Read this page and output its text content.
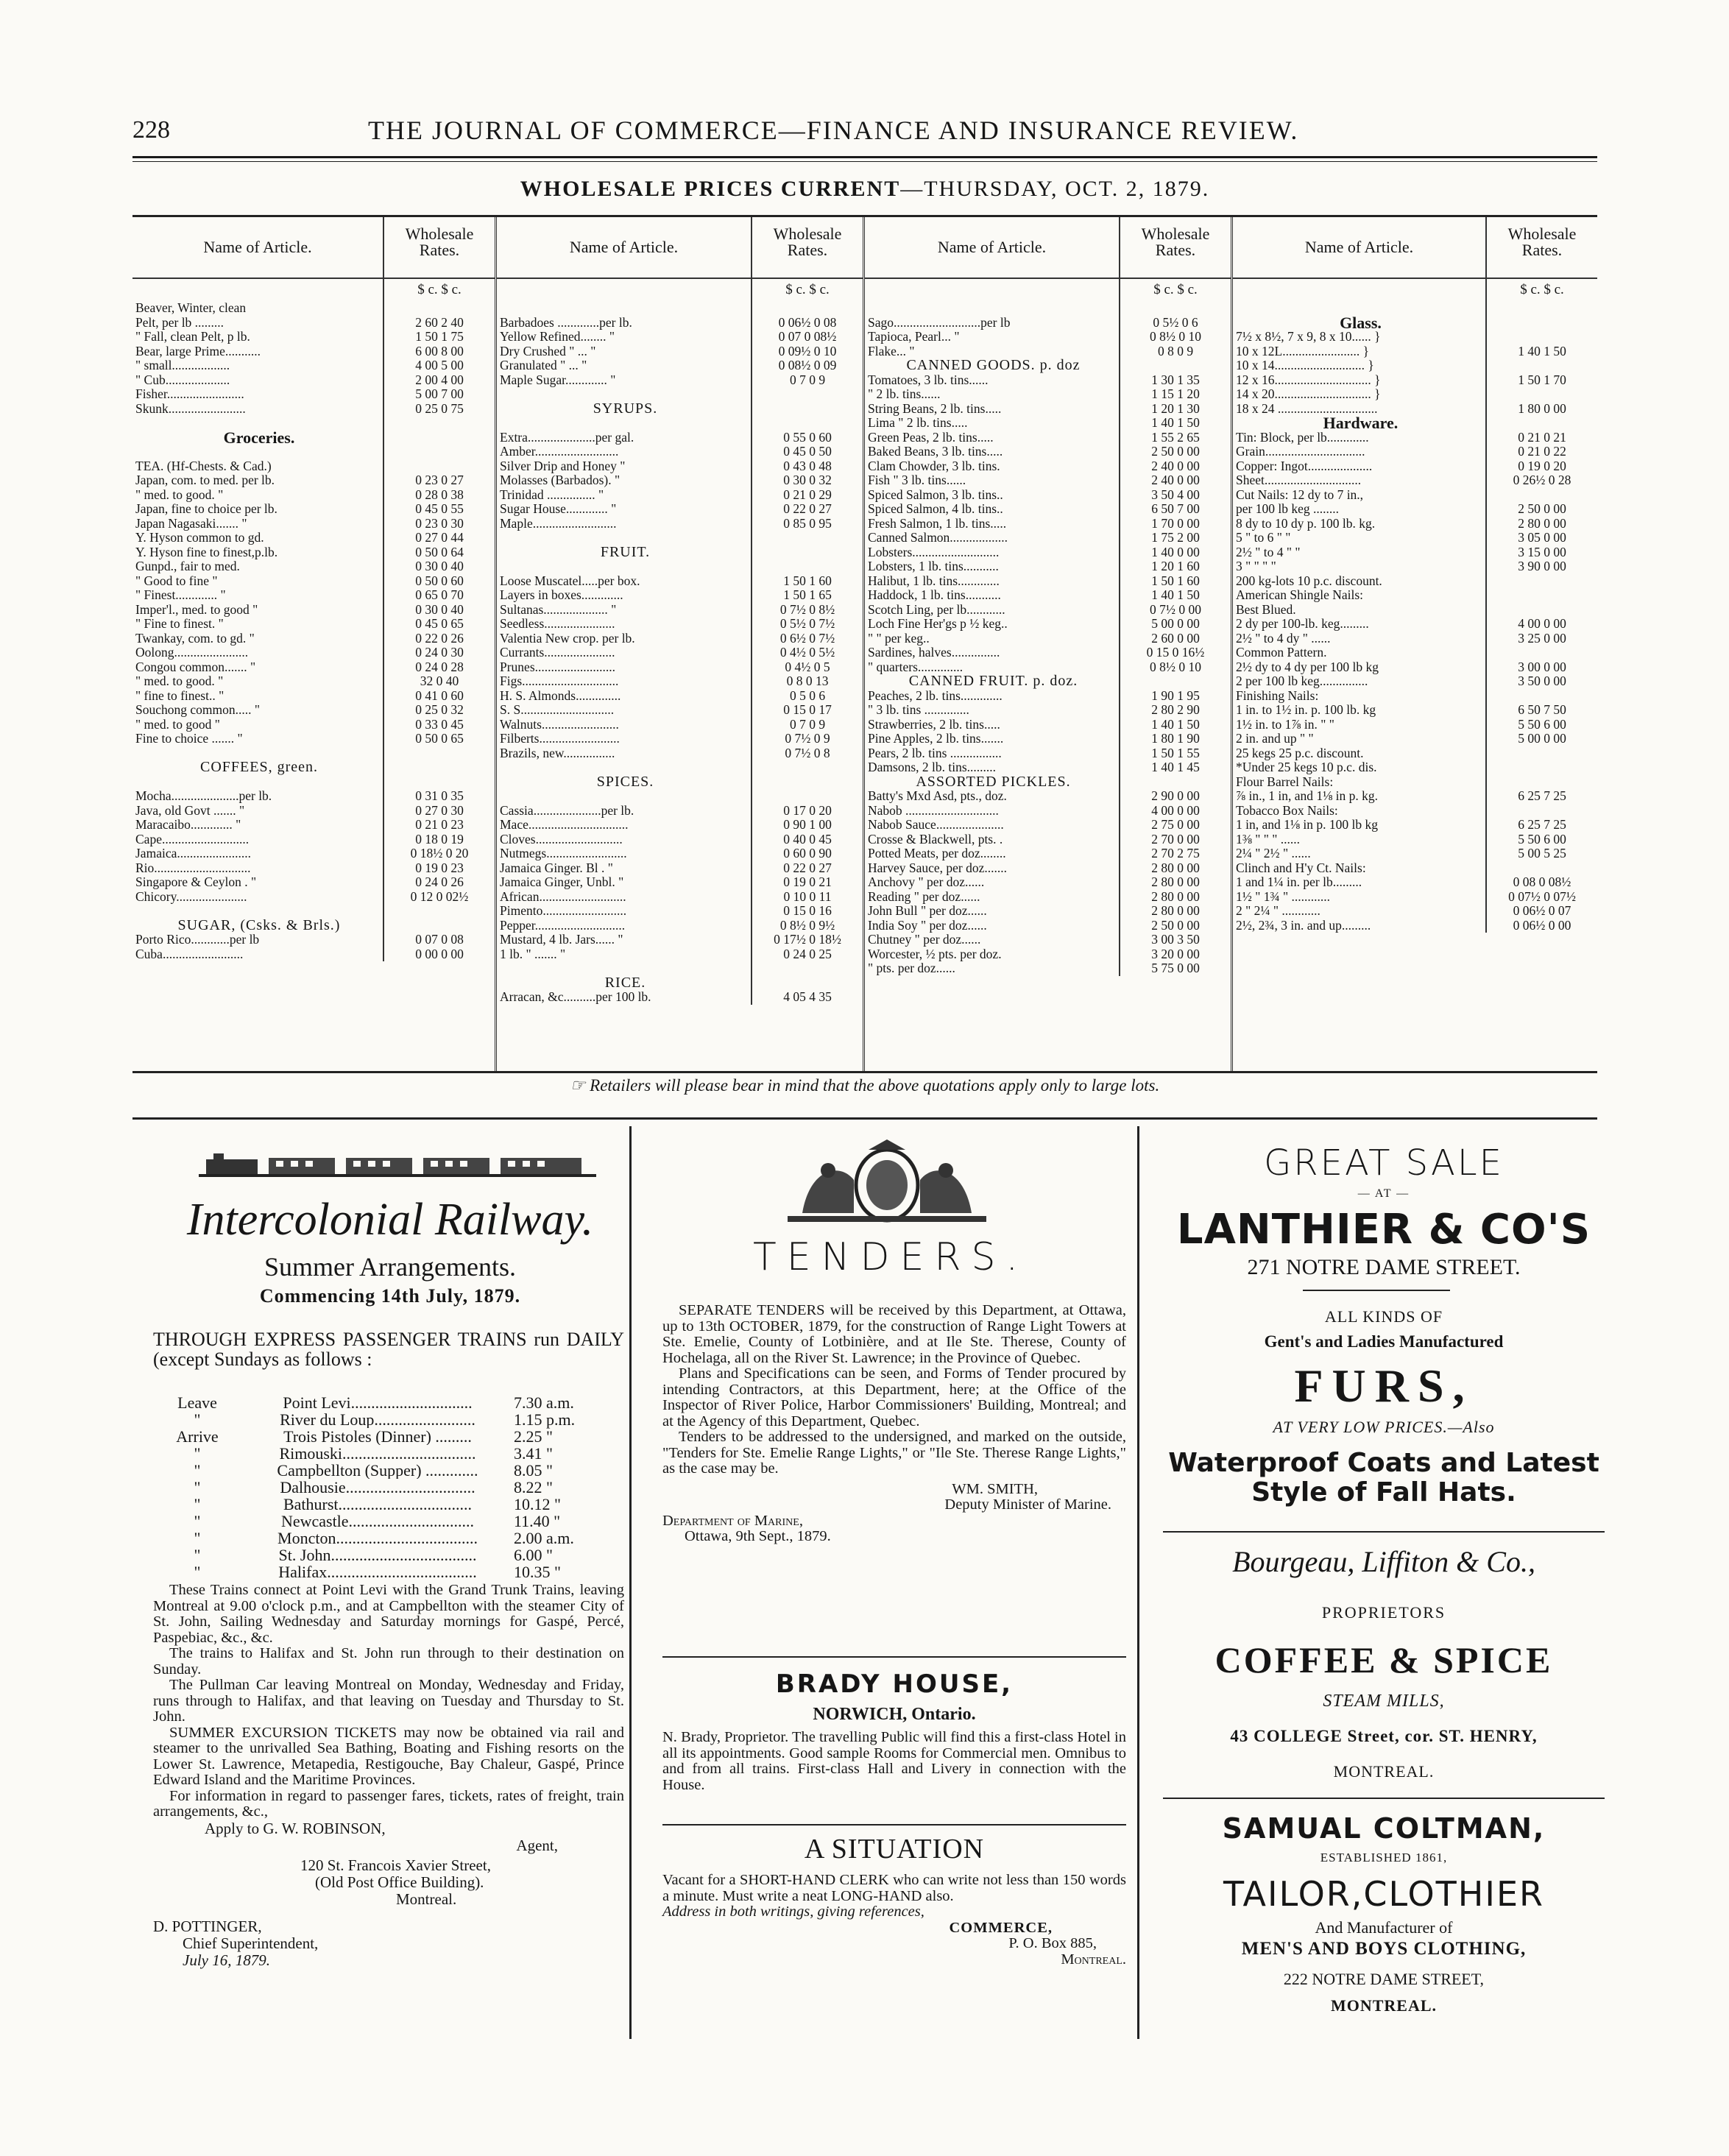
228	THE JOURNAL OF COMMERCE—FINANCE AND INSURANCE REVIEW.
WHOLESALE PRICES CURRENT—THURSDAY, OCT. 2, 1879.
Name of Article.
Wholesale Rates.
$ c. $ c.
Beaver, Winter, clean
Pelt, per lb .........	2 60 2 40
" Fall, clean Pelt, p lb.	1 50 1 75
Bear, large Prime...........	6 00 8 00
" small..................	4 00 5 00
" Cub....................	2 00 4 00
Fisher........................	5 00 7 00
Skunk........................	0 25 0 75
Groceries.
TEA. (Hf-Chests. & Cad.)
Japan, com. to med. per lb.	0 23 0 27
" med. to good. "	0 28 0 38
Japan, fine to choice per lb.	0 45 0 55
Japan Nagasaki....... "	0 23 0 30
Y. Hyson common to gd.	0 27 0 44
Y. Hyson fine to finest,p.lb.	0 50 0 64
Gunpd., fair to med.	0 30 0 40
" Good to fine "	0 50 0 60
" Finest............. "	0 65 0 70
Imper'l., med. to good "	0 30 0 40
" Fine to finest. "	0 45 0 65
Twankay, com. to gd. "	0 22 0 26
Oolong.......................	0 24 0 30
Congou common....... "	0 24 0 28
" med. to good. "	32 0 40
" fine to finest.. "	0 41 0 60
Souchong common..... "	0 25 0 32
" med. to good "	0 33 0 45
Fine to choice ....... "	0 50 0 65
COFFEES, green.
Mocha.....................per lb.	0 31 0 35
Java, old Govt ....... "	0 27 0 30
Maracaibo............. "	0 21 0 23
Cape...........................	0 18 0 19
Jamaica.......................	0 18½ 0 20
Rio..............................	0 19 0 23
Singapore & Ceylon . "	0 24 0 26
Chicory......................	0 12 0 02½
SUGAR, (Csks. & Brls.)
Porto Rico............per lb	0 07 0 08
Cuba.........................	0 00 0 00
Name of Article.
Wholesale Rates.
$ c. $ c.
Barbadoes .............per lb.	0 06½ 0 08
Yellow Refined........ "	0 07 0 08½
Dry Crushed " ... "	0 09½ 0 10
Granulated " ... "	0 08½ 0 09
Maple Sugar............. "	0 7 0 9
SYRUPS.
Extra.....................per gal.	0 55 0 60
Amber..........................	0 45 0 50
Silver Drip and Honey "	0 43 0 48
Molasses (Barbados). "	0 30 0 32
Trinidad ............... "	0 21 0 29
Sugar House............. "	0 22 0 27
Maple..........................	0 85 0 95
FRUIT.
Loose Muscatel.....per box.	1 50 1 60
Layers in boxes.............	1 50 1 65
Sultanas.................... "	0 7½ 0 8½
Seedless......................	0 5½ 0 7½
Valentia New crop. per lb.	0 6½ 0 7½
Currants......................	0 4½ 0 5½
Prunes.........................	0 4½ 0 5
Figs..............................	0 8 0 13
H. S. Almonds..............	0 5 0 6
S. S.............................	0 15 0 17
Walnuts........................	0 7 0 9
Filberts.........................	0 7½ 0 9
Brazils, new................	0 7½ 0 8
SPICES.
Cassia.....................per lb.	0 17 0 20
Mace...............................	0 90 1 00
Cloves...........................	0 40 0 45
Nutmegs.........................	0 60 0 90
Jamaica Ginger. Bl . "	0 22 0 27
Jamaica Ginger, Unbl. "	0 19 0 21
African...........................	0 10 0 11
Pimento..........................	0 15 0 16
Pepper............................	0 8½ 0 9½
Mustard, 4 lb. Jars...... "	0 17½ 0 18½
1 lb. " ....... "	0 24 0 25
RICE.
Arracan, &c..........per 100 lb.	4 05 4 35
Name of Article.
Wholesale Rates.
$ c. $ c.
Sago...........................per lb	0 5½ 0 6
Tapioca, Pearl... "	0 8½ 0 10
Flake... "	0 8 0 9
CANNED GOODS. p. doz
Tomatoes, 3 lb. tins......	1 30 1 35
" 2 lb. tins......	1 15 1 20
String Beans, 2 lb. tins.....	1 20 1 30
Lima " 2 lb. tins.....	1 40 1 50
Green Peas, 2 lb. tins.....	1 55 2 65
Baked Beans, 3 lb. tins.....	2 50 0 00
Clam Chowder, 3 lb. tins.	2 40 0 00
Fish " 3 lb. tins......	2 40 0 00
Spiced Salmon, 3 lb. tins..	3 50 4 00
Spiced Salmon, 4 lb. tins..	6 50 7 00
Fresh Salmon, 1 lb. tins.....	1 70 0 00
Canned Salmon..................	1 75 2 00
Lobsters...........................	1 40 0 00
Lobsters, 1 lb. tins...........	1 20 1 60
Halibut, 1 lb. tins.............	1 50 1 60
Haddock, 1 lb. tins...........	1 40 1 50
Scotch Ling, per lb............	0 7½ 0 00
Loch Fine Her'gs p ½ keg..	5 00 0 00
" " per keg..	2 60 0 00
Sardines, halves...............	0 15 0 16½
" quarters..............	0 8½ 0 10
CANNED FRUIT. p. doz.
Peaches, 2 lb. tins.............	1 90 1 95
" 3 lb. tins ..............	2 80 2 90
Strawberries, 2 lb. tins.....	1 40 1 50
Pine Apples, 2 lb. tins.......	1 80 1 90
Pears, 2 lb. tins ................	1 50 1 55
Damsons, 2 lb. tins.........	1 40 1 45
ASSORTED PICKLES.
Batty's Mxd Asd, pts., doz.	2 90 0 00
Nabob .............................	4 00 0 00
Nabob Sauce.....................	2 75 0 00
Crosse & Blackwell, pts. .	2 70 0 00
Potted Meats, per doz........	2 70 2 75
Harvey Sauce, per doz.......	2 80 0 00
Anchovy " per doz......	2 80 0 00
Reading " per doz......	2 80 0 00
John Bull " per doz......	2 80 0 00
India Soy " per doz......	2 50 0 00
Chutney " per doz......	3 00 3 50
Worcester, ½ pts. per doz.	3 20 0 00
" pts. per doz......	5 75 0 00
Name of Article.
Wholesale Rates.
$ c. $ c.
Glass.
7½ x 8½, 7 x 9, 8 x 10...... }
10 x 12L........................ }	1 40 1 50
10 x 14............................ }
12 x 16.............................. }	1 50 1 70
14 x 20.............................. }
18 x 24 ...............................	1 80 0 00
Hardware.
Tin: Block, per lb.............	0 21 0 21
Grain...............................	0 21 0 22
Copper: Ingot....................	0 19 0 20
Sheet..............................	0 26½ 0 28
Cut Nails: 12 dy to 7 in.,
per 100 lb keg ........	2 50 0 00
8 dy to 10 dy p. 100 lb. kg.	2 80 0 00
5 " to 6 " "	3 05 0 00
2½ " to 4 " "	3 15 0 00
3 " " " "	3 90 0 00
200 kg-lots 10 p.c. discount.
American Shingle Nails:
Best Blued.
2 dy per 100-lb. keg.........	4 00 0 00
2½ " to 4 dy " ......	3 25 0 00
Common Pattern.
2½ dy to 4 dy per 100 lb kg	3 00 0 00
2 per 100 lb keg...............	3 50 0 00
Finishing Nails:
1 in. to 1½ in. p. 100 lb. kg	6 50 7 50
1½ in. to 1⅞ in. " "	5 50 6 00
2 in. and up " "	5 00 0 00
25 kegs 25 p.c. discount.
*Under 25 kegs 10 p.c. dis.
Flour Barrel Nails:
⅞ in., 1 in, and 1⅛ in p. kg.	6 25 7 25
Tobacco Box Nails:
1 in, and 1⅛ in p. 100 lb kg	6 25 7 25
1⅜ " " " ......	5 50 6 00
2¼ " 2½ " ......	5 00 5 25
Clinch and H'y Ct. Nails:
1 and 1¼ in. per lb.........	0 08 0 08½
1½ " 1¾ " ............	0 07½ 0 07½
2 " 2¼ " ............	0 06½ 0 07
2½, 2¾, 3 in. and up.........	0 06½ 0 00
☞ Retailers will please bear in mind that the above quotations apply only to large lots.
Intercolonial Railway.
Summer Arrangements.
Commencing 14th July, 1879.
THROUGH EXPRESS PASSENGER TRAINS run DAILY (except Sundays as follows :
Leave	Point Levi..............................	7.30 a.m.
"	River du Loup.........................	1.15 p.m.
Arrive	Trois Pistoles (Dinner) .........	2.25 "
"	Rimouski.................................	3.41 "
"	Campbellton (Supper) .............	8.05 "
"	Dalhousie................................	8.22 "
"	Bathurst.................................	10.12 "
"	Newcastle...............................	11.40 "
"	Moncton...................................	2.00 a.m.
"	St. John....................................	6.00 "
"	Halifax.....................................	10.35 "

These Trains connect at Point Levi with the Grand Trunk Trains, leaving Montreal at 9.00 o'clock p.m., and at Campbellton with the steamer City of St. John, Sailing Wednesday and Saturday mornings for Gaspé, Percé, Paspebiac, &c., &c.

The trains to Halifax and St. John run through to their destination on Sunday.

The Pullman Car leaving Montreal on Monday, Wednesday and Friday, runs through to Halifax, and that leaving on Tuesday and Thursday to St. John.

SUMMER EXCURSION TICKETS may now be obtained via rail and steamer to the unrivalled Sea Bathing, Boating and Fishing resorts on the Lower St. Lawrence, Metapedia, Restigouche, Bay Chaleur, Gaspé, Prince Edward Island and the Maritime Provinces.

For information in regard to passenger fares, tickets, rates of freight, train arrangements, &c.,

Apply to G. W. ROBINSON,
Agent,
120 St. Francois Xavier Street,
(Old Post Office Building).
Montreal.
D. POTTINGER,
Chief Superintendent,
July 16, 1879.
TENDERS.

SEPARATE TENDERS will be received by this Department, at Ottawa, up to 13th OCTOBER, 1879, for the construction of Range Light Towers at Ste. Emelie, County of Lotbinière, and at Ile Ste. Therese, County of Hochelaga, all on the River St. Lawrence; in the Province of Quebec.

Plans and Specifications can be seen, and Forms of Tender procured by intending Contractors, at this Department, here; at the Office of the Inspector of River Police, Harbor Commissioners' Building, Montreal; and at the Agency of this Department, Quebec.

Tenders to be addressed to the undersigned, and marked on the outside, "Tenders for Ste. Emelie Range Lights," or "Ile Ste. Therese Range Lights," as the case may be.

WM. SMITH,
Deputy Minister of Marine.
Department of Marine,
Ottawa, 9th Sept., 1879.
BRADY HOUSE,
NORWICH, Ontario.
N. Brady, Proprietor. The travelling Public will find this a first-class Hotel in all its appointments. Good sample Rooms for Commercial men. Omnibus to and from all trains. First-class Hall and Livery in connection with the House.
A SITUATION
Vacant for a SHORT-HAND CLERK who can write not less than 150 words a minute. Must write a neat LONG-HAND also.
Address in both writings, giving references,
COMMERCE,
P. O. Box 885,
Montreal.
GREAT SALE
— AT —
LANTHIER & CO'S
271 NOTRE DAME STREET.
ALL KINDS OF
Gent's and Ladies Manufactured
FURS,
AT VERY LOW PRICES.—Also
Waterproof Coats and Latest Style of Fall Hats.
Bourgeau, Liffiton & Co.,
PROPRIETORS
COFFEE & SPICE
STEAM MILLS,
43 COLLEGE Street, cor. ST. HENRY,
MONTREAL.
SAMUAL COLTMAN,
ESTABLISHED 1861,
TAILOR,CLOTHIER
And Manufacturer of
MEN'S AND BOYS CLOTHING,
222 NOTRE DAME STREET,
MONTREAL.
